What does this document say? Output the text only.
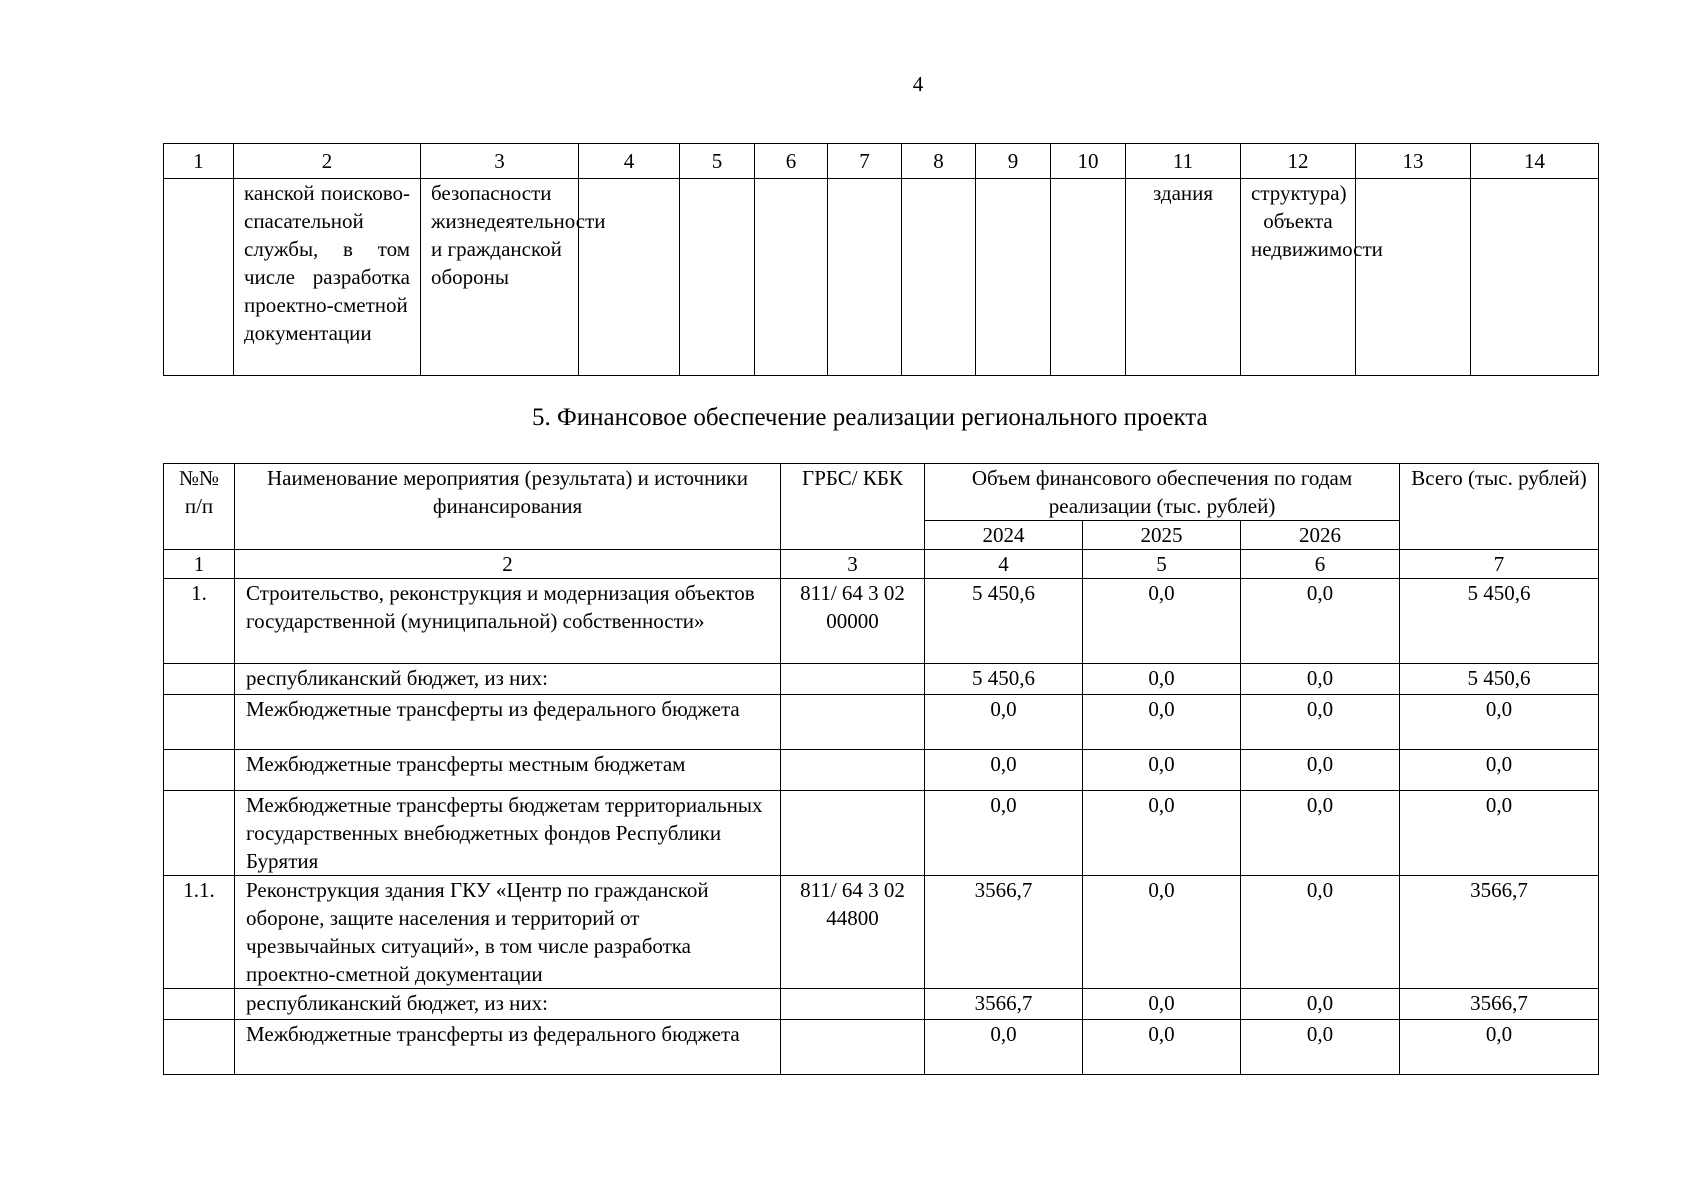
4
1	2	3	4	5	6	7	8	9	10	11	12	13	14
	канской поисково-спасательной службы, в том числе разработка проектно-сметной документации	безопасности жизнедеятельности и гражданской обороны								здания	структура) объекта недвижимости		
5. Финансовое обеспечение реализации регионального проекта
№№ п/п	Наименование мероприятия (результата) и источники финансирования	ГРБС/ КБК	Объем финансового обеспечения по годам реализации (тыс. рублей)			Всего (тыс. рублей)
			2024	2025	2026	
1	2	3	4	5	6	7
1.	Строительство, реконструкция и модернизация объектов государственной (муниципальной) собственности»	811/ 64 3 02 00000	5 450,6	0,0	0,0	5 450,6
	республиканский бюджет, из них:		5 450,6	0,0	0,0	5 450,6
	Межбюджетные трансферты из федерального бюджета		0,0	0,0	0,0	0,0
	Межбюджетные трансферты местным бюджетам		0,0	0,0	0,0	0,0
	Межбюджетные трансферты бюджетам территориальных государственных внебюджетных фондов Республики Бурятия		0,0	0,0	0,0	0,0
1.1.	Реконструкция здания ГКУ «Центр по гражданской обороне, защите населения и территорий от чрезвычайных ситуаций», в том числе разработка проектно-сметной документации	811/ 64 3 02 44800	3566,7	0,0	0,0	3566,7
	республиканский бюджет, из них:		3566,7	0,0	0,0	3566,7
	Межбюджетные трансферты из федерального бюджета		0,0	0,0	0,0	0,0
